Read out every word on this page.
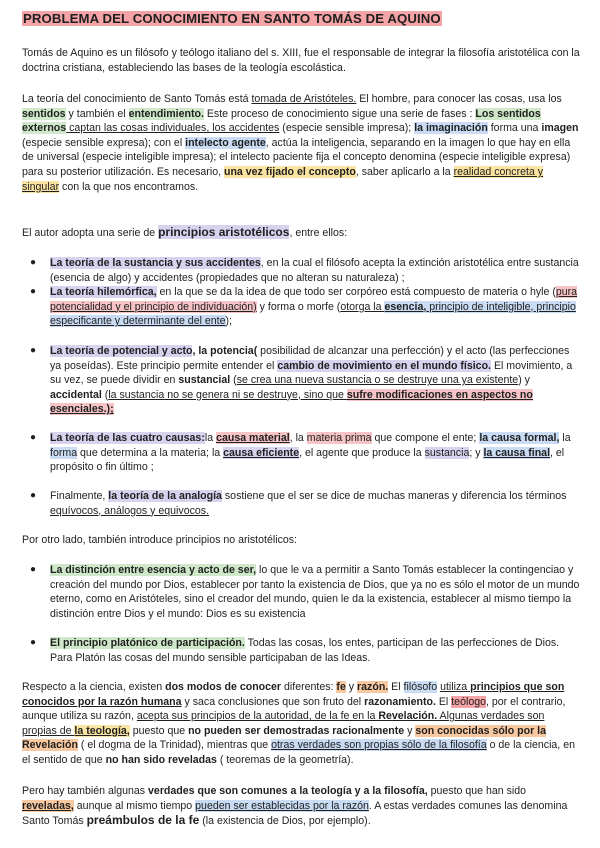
PROBLEMA DEL CONOCIMIENTO EN SANTO TOMÁS DE AQUINO
Tomás de Aquino es un filósofo y teólogo italiano del s. XIII, fue el responsable de integrar la filosofía aristotélica con la doctrina cristiana, estableciendo las bases de la teología escolástica.
La teoría del conocimiento de Santo Tomás está tomada de Aristóteles. El hombre, para conocer las cosas, usa los sentidos y también el entendimiento. Este proceso de conocimiento sigue una serie de fases : Los sentidos externos captan las cosas individuales, los accidentes (especie sensible impresa); la imaginación forma una imagen (especie sensible expresa); con el intelecto agente, actúa la inteligencia, separando en la imagen lo que hay en ella de universal (especie inteligible impresa); el intelecto paciente fija el concepto denomina (especie inteligible expresa) para su posterior utilización. Es necesario, una vez fijado el concepto, saber aplicarlo a la realidad concreta y singular con la que nos encontramos.
El autor adopta una serie de principios aristotélicos, entre ellos:
● La teoría de la sustancia y sus accidentes, en la cual el filósofo acepta la extinción aristotélica entre sustancia (esencia de algo) y accidentes (propiedades que no alteran su naturaleza) ;
● La teoría hilemórfica, en la que se da la idea de que todo ser corpóreo está compuesto de materia o hyle (pura potencialidad y el principio de individuación) y forma o morfe (otorga la esencia, principio de inteligible, principio especificante y determinante del ente);
● La teoría de potencial y acto, la potencia( posibilidad de alcanzar una perfección) y el acto (las perfecciones ya poseídas). Este principio permite entender el cambio de movimiento en el mundo físico. El movimiento, a su vez, se puede dividir en sustancial (se crea una nueva sustancia o se destruye una ya existente) y accidental (la sustancia no se genera ni se destruye, sino que sufre modificaciones en aspectos no esenciales.);
● La teoría de las cuatro causas:la causa material, la materia prima que compone el ente; la causa formal, la forma que determina a la materia; la causa eficiente, el agente que produce la sustancia; y la causa final, el propósito o fin último ;
● Finalmente, la teoría de la analogía sostiene que el ser se dice de muchas maneras y diferencia los términos equívocos, análogos y equivocos.
Por otro lado, también introduce principios no aristotélicos:
● La distinción entre esencia y acto de ser, lo que le va a permitir a Santo Tomás establecer la contingenciao y creación del mundo por Dios, establecer por tanto la existencia de Dios, que ya no es sólo el motor de un mundo eterno, como en Aristóteles, sino el creador del mundo, quien le da la existencia, establecer al mismo tiempo la distinción entre Dios y el mundo: Dios es su existencia
● El principio platónico de participación. Todas las cosas, los entes, participan de las perfecciones de Dios. Para Platón las cosas del mundo sensible participaban de las Ideas.
Respecto a la ciencia, existen dos modos de conocer diferentes: fe y razón. El filósofo utiliza principios que son conocidos por la razón humana y saca conclusiones que son fruto del razonamiento. El teólogo, por el contrario, aunque utiliza su razón, acepta sus principios de la autoridad, de la fe en la Revelación. Algunas verdades son propias de la teología, puesto que no pueden ser demostradas racionalmente y son conocidas sólo por la Revelación ( el dogma de la Trinidad), mientras que otras verdades son propias sólo de la filosofía o de la ciencia, en el sentido de que no han sido reveladas ( teoremas de la geometría).
Pero hay también algunas verdades que son comunes a la teología y a la filosofía, puesto que han sido reveladas, aunque al mismo tiempo pueden ser establecidas por la razón. A estas verdades comunes las denomina Santo Tomás preámbulos de la fe (la existencia de Dios, por ejemplo).
